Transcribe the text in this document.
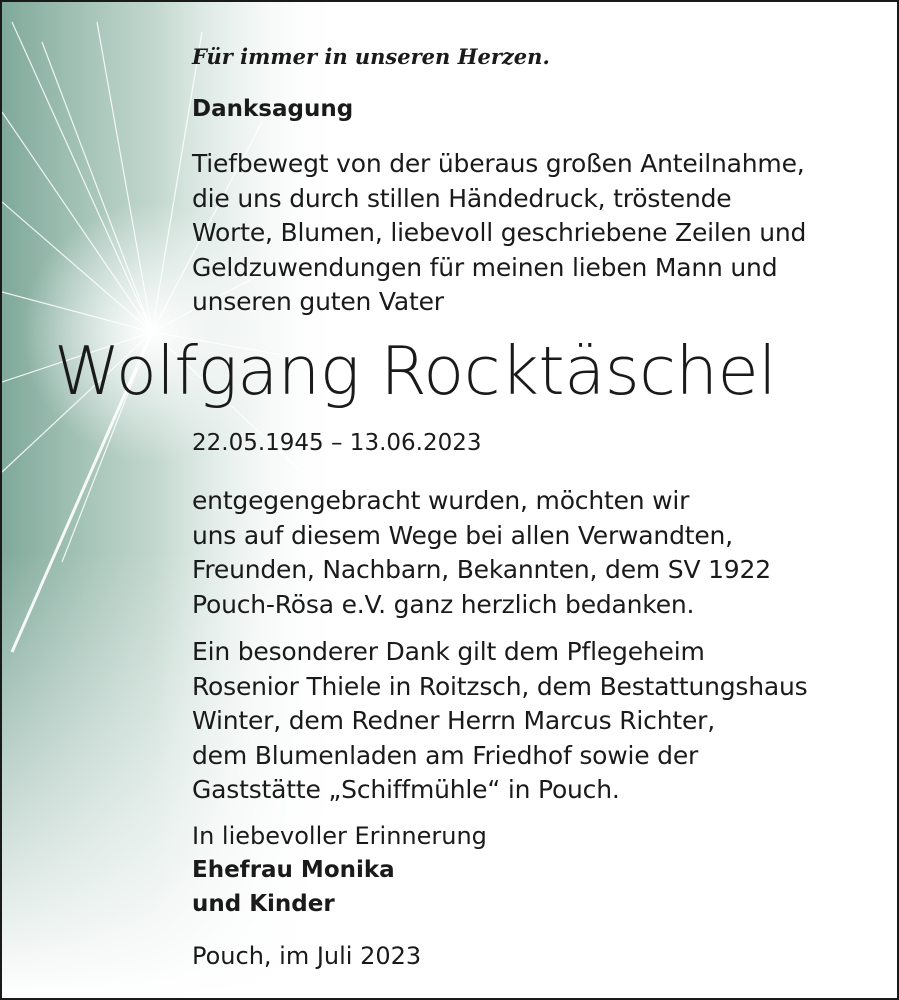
Für immer in unseren Herzen.
Danksagung
Tiefbewegt von der überaus großen Anteilnahme,
die uns durch stillen Händedruck, tröstende
Worte, Blumen, liebevoll geschriebene Zeilen und
Geldzuwendungen für meinen lieben Mann und
unseren guten Vater
Wolfgang Rocktäschel
22.05.1945 – 13.06.2023
entgegengebracht wurden, möchten wir
uns auf diesem Wege bei allen Verwandten,
Freunden, Nachbarn, Bekannten, dem SV 1922
Pouch-Rösa e.V. ganz herzlich bedanken.
Ein besonderer Dank gilt dem Pflegeheim
Rosenior Thiele in Roitzsch, dem Bestattungshaus
Winter, dem Redner Herrn Marcus Richter,
dem Blumenladen am Friedhof sowie der
Gaststätte „Schiffmühle“ in Pouch.
In liebevoller Erinnerung
Ehefrau Monika
und Kinder
Pouch, im Juli 2023
